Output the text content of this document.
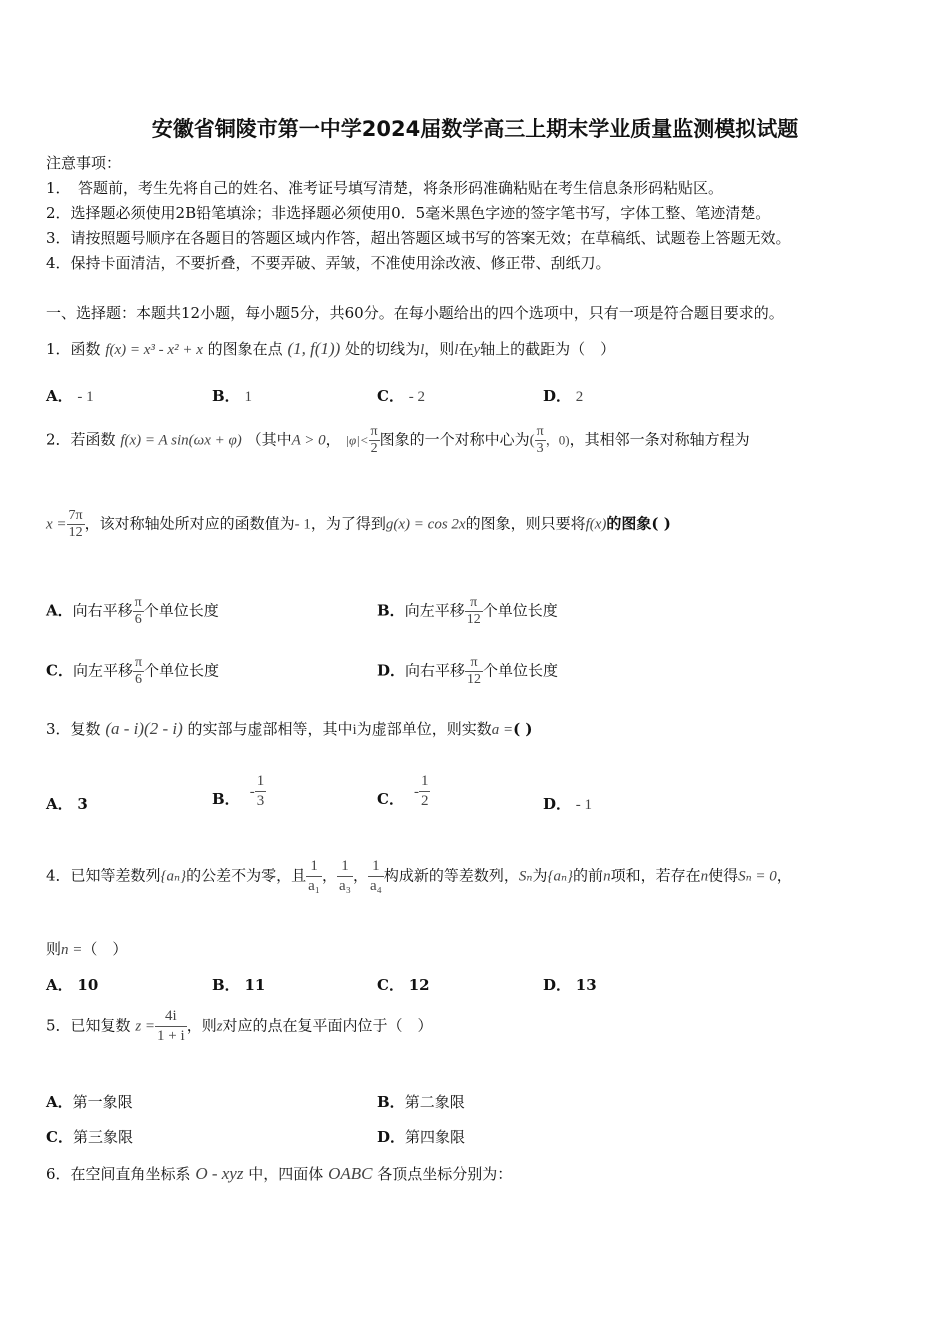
安徽省铜陵市第一中学2024届数学高三上期末学业质量监测模拟试题
注意事项：
1．　答题前，考生先将自己的姓名、准考证号填写清楚，将条形码准确粘贴在考生信息条形码粘贴区。
2．选择题必须使用2B铅笔填涂；非选择题必须使用0．5毫米黑色字迹的签字笔书写，字体工整、笔迹清楚。
3．请按照题号顺序在各题目的答题区域内作答，超出答题区域书写的答案无效；在草稿纸、试题卷上答题无效。
4．保持卡面清洁，不要折叠，不要弄破、弄皱，不准使用涂改液、修正带、刮纸刀。
一、选择题：本题共12小题，每小题5分，共60分。在每小题给出的四个选项中，只有一项是符合题目要求的。
1．函数 f(x) = x³ - x² + x 的图象在点 (1, f(1)) 处的切线为l，则l在y轴上的截距为（　）
A． - 1	B． 1	C． - 2	D． 2
2．若函数 f(x) = A sin(ωx + φ) （其中A > 0， $|\varphi|< \frac{\pi}{2}$ 图象的一个对称中心为( $\frac{\pi}{3}$ ，0)，其相邻一条对称轴方程为
$x = \frac{7\pi}{12}$ ，该对称轴处所对应的函数值为- 1，为了得到g(x) = cos 2x的图象，则只要将f(x)的图象( )
A．向右平移 $\frac{\pi}{6}$ 个单位长度	B．向左平移 $\frac{\pi}{12}$ 个单位长度
C．向左平移 $\frac{\pi}{6}$ 个单位长度	D．向右平移 $\frac{\pi}{12}$ 个单位长度
3．复数 (a - i)(2 - i) 的实部与虚部相等，其中i为虚部单位，则实数a =( )
A． 3	B． - $\frac{1}{3}$	C． - $\frac{1}{2}$	D． - 1
4．已知等差数列{aₙ}的公差不为零，且 $\frac{1}{\text{a₁}}$ ， $\frac{1}{\text{a₃}}$ ， $\frac{1}{\text{a₄}}$ 构成新的等差数列，Sₙ为{aₙ}的前n项和，若存在n使得Sₙ = 0，
则n =（　）
A． 10	B． 11	C． 12	D． 13
5．已知复数 $z = \frac{4i}{1 + i}$ ，则z对应的点在复平面内位于（　）
A．第一象限	B．第二象限
C．第三象限	D．第四象限
6．在空间直角坐标系 O - xyz 中，四面体 OABC 各顶点坐标分别为：
